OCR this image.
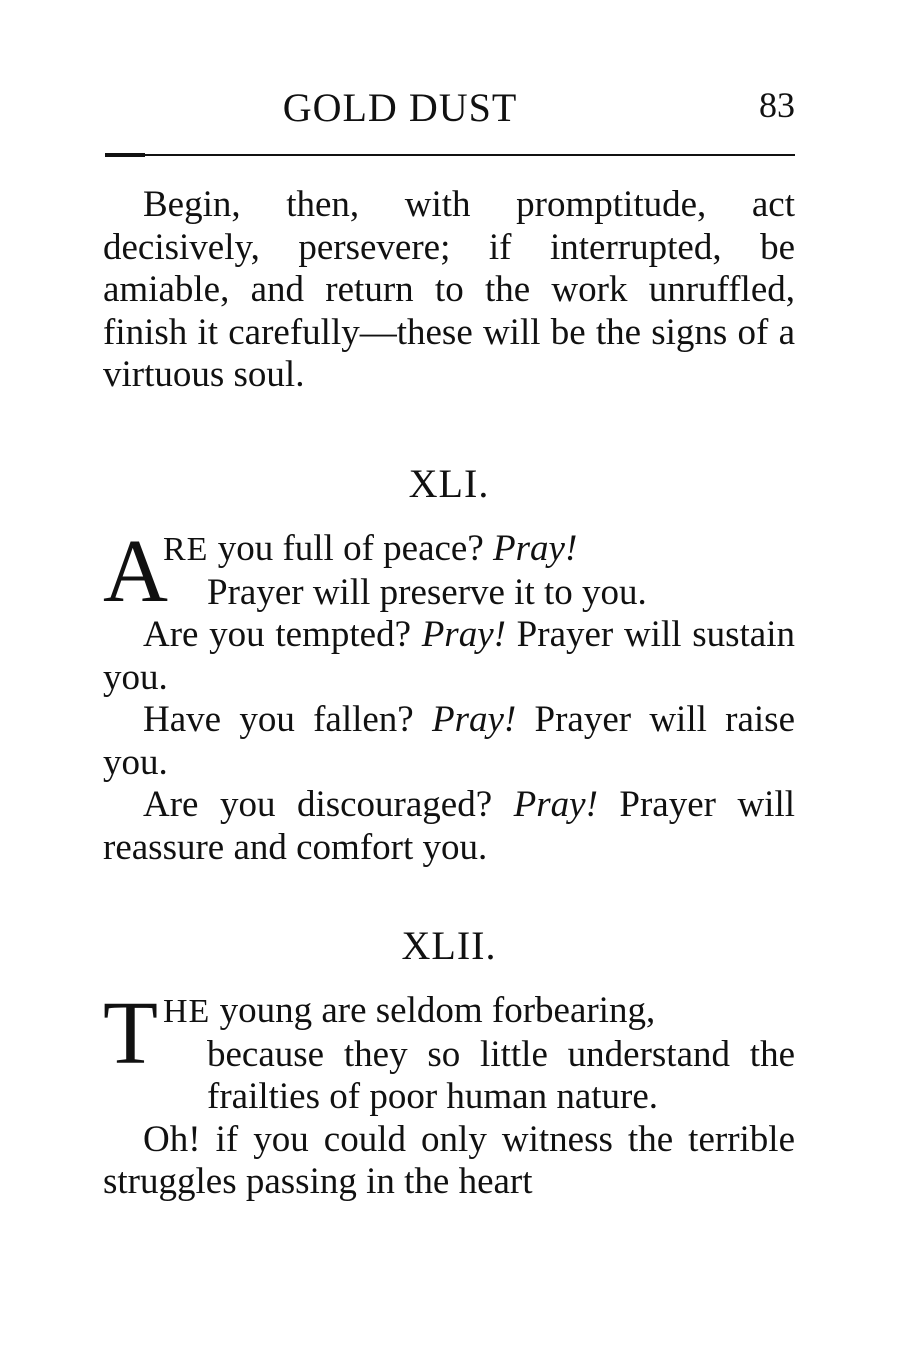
GOLD DUST	83

Begin, then, with promptitude, act decisively, persevere; if interrupted, be amiable, and return to the work unruffled, finish it carefully—these will be the signs of a virtuous soul.

XLI.

A
RE you full of peace? Pray!
Prayer will preserve it to you.

Are you tempted? Pray! Prayer will sustain you.

Have you fallen? Pray! Prayer will raise you.

Are you discouraged? Pray! Prayer will reassure and comfort you.

XLII.

T HE young are seldom forbearing,
because they so little understand the frailties of poor human nature.

Oh! if you could only witness the terrible struggles passing in the heart
